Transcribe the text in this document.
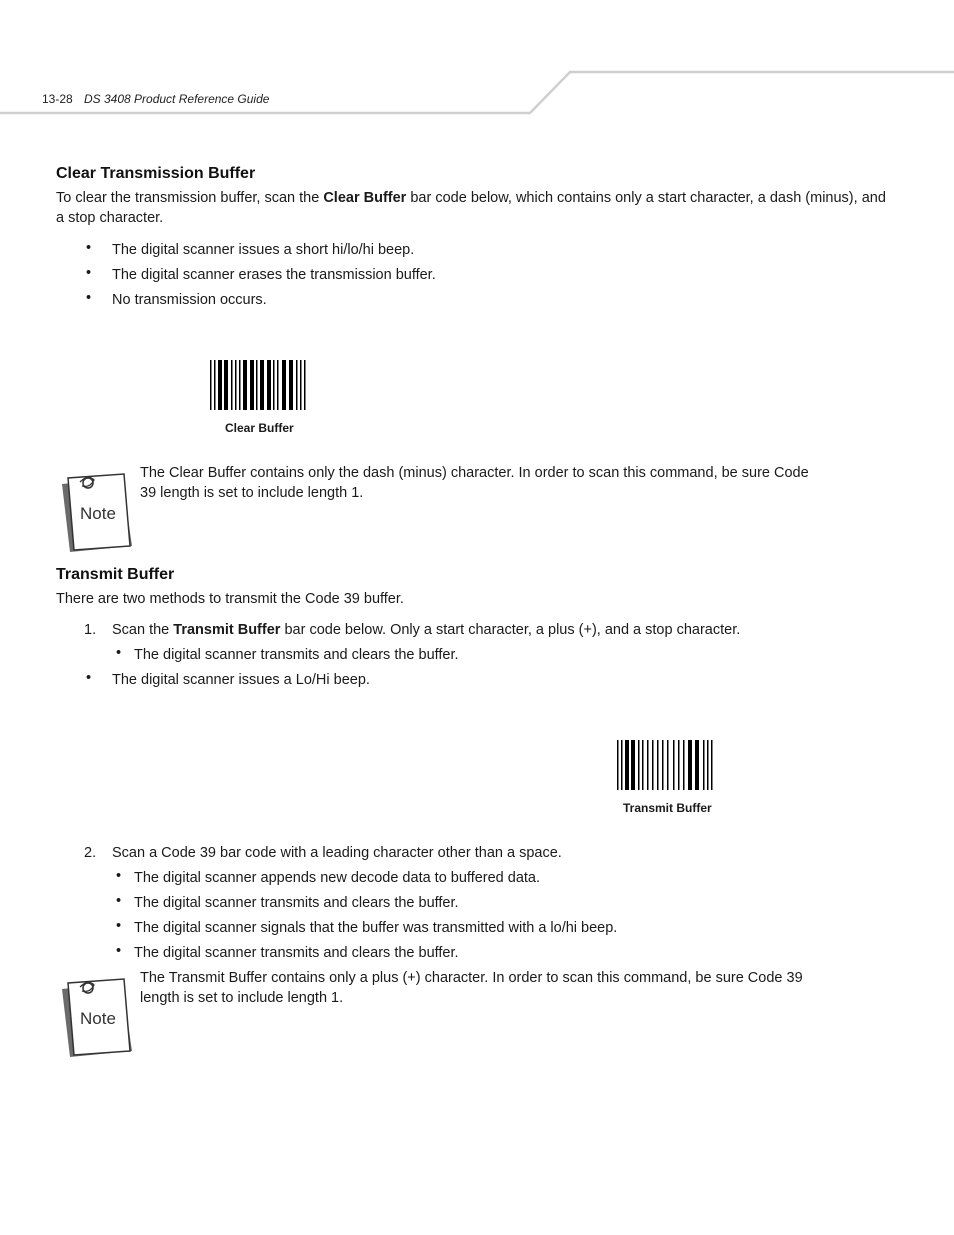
13-28 DS 3408 Product Reference Guide
Clear Transmission Buffer
To clear the transmission buffer, scan the Clear Buffer bar code below, which contains only a start character, a dash (minus), and a stop character.
• The digital scanner issues a short hi/lo/hi beep.
• The digital scanner erases the transmission buffer.
• No transmission occurs.
Clear Buffer
Note
The Clear Buffer contains only the dash (minus) character. In order to scan this command, be sure Code 39 length is set to include length 1.
Transmit Buffer
There are two methods to transmit the Code 39 buffer.
1. Scan the Transmit Buffer bar code below. Only a start character, a plus (+), and a stop character.
• The digital scanner transmits and clears the buffer.
• The digital scanner issues a Lo/Hi beep.
Transmit Buffer
2. Scan a Code 39 bar code with a leading character other than a space.
• The digital scanner appends new decode data to buffered data.
• The digital scanner transmits and clears the buffer.
• The digital scanner signals that the buffer was transmitted with a lo/hi beep.
• The digital scanner transmits and clears the buffer.
Note
The Transmit Buffer contains only a plus (+) character. In order to scan this command, be sure Code 39 length is set to include length 1.
